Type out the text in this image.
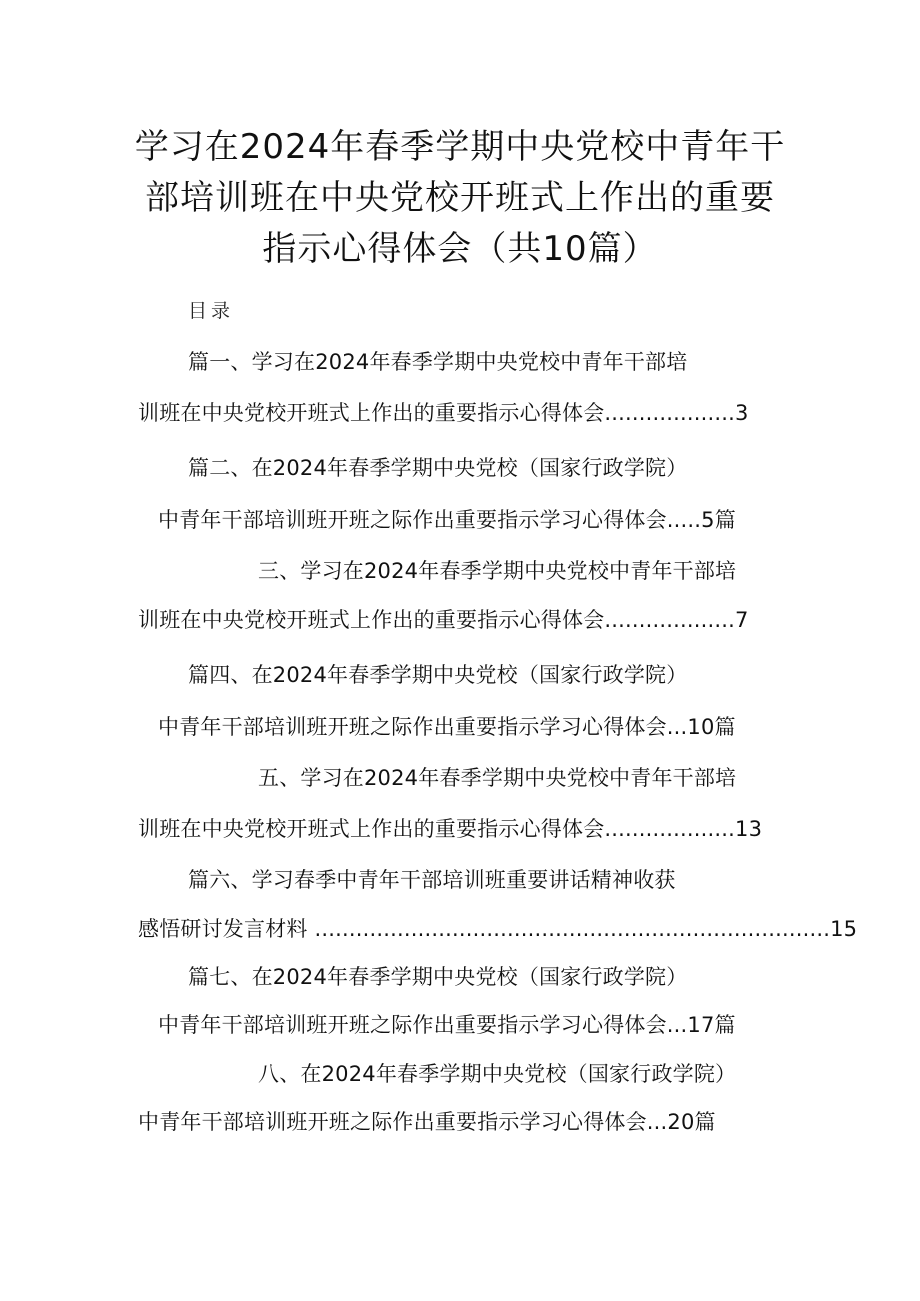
学习在2024年春季学期中央党校中青年干
部培训班在中央党校开班式上作出的重要
指示心得体会（共10篇）
目录
篇一、学习在2024年春季学期中央党校中青年干部培
训班在中央党校开班式上作出的重要指示心得体会...................3
篇二、在2024年春季学期中央党校（国家行政学院）
中青年干部培训班开班之际作出重要指示学习心得体会.....5篇
三、学习在2024年春季学期中央党校中青年干部培
训班在中央党校开班式上作出的重要指示心得体会...................7
篇四、在2024年春季学期中央党校（国家行政学院）
中青年干部培训班开班之际作出重要指示学习心得体会...10篇
五、学习在2024年春季学期中央党校中青年干部培
训班在中央党校开班式上作出的重要指示心得体会...................13
篇六、学习春季中青年干部培训班重要讲话精神收获
感悟研讨发言材料 ...........................................................................15
篇七、在2024年春季学期中央党校（国家行政学院）
中青年干部培训班开班之际作出重要指示学习心得体会...17篇
八、在2024年春季学期中央党校（国家行政学院）
中青年干部培训班开班之际作出重要指示学习心得体会...20篇
